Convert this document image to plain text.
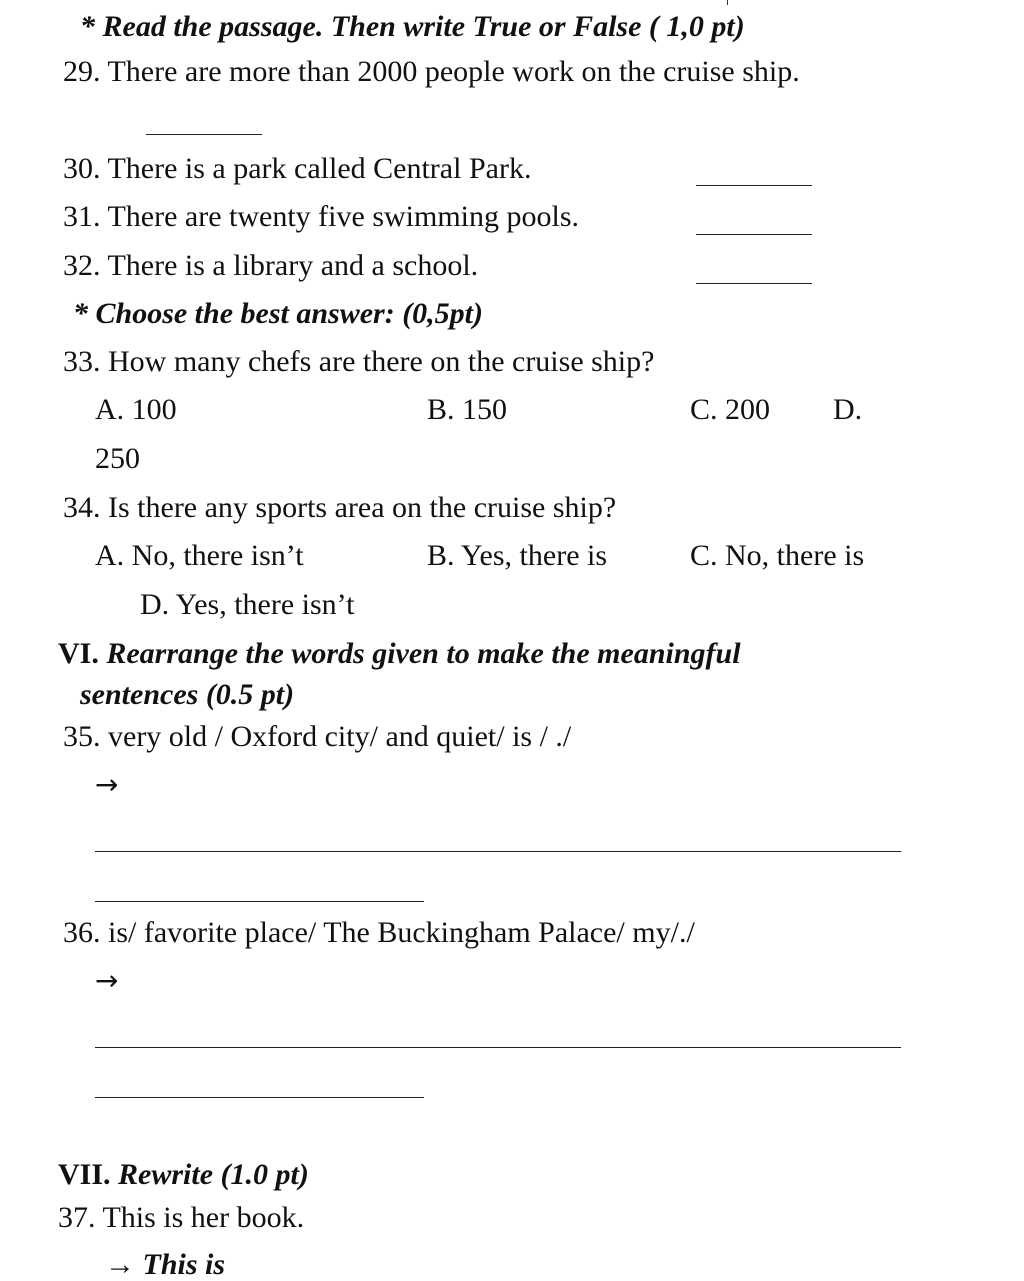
* Read the passage. Then write True or False ( 1,0 pt)
29. There are more than 2000 people work on the cruise ship.
30. There is a park called Central Park.
31. There are twenty five swimming pools.
32. There is a library and a school.
* Choose the best answer: (0,5pt)
33. How many chefs are there on the cruise ship?
A. 100	B. 150	C. 200 D.
250
34. Is there any sports area on the cruise ship?
A. No, there isn’t	B. Yes, there is	C. No, there is
D. Yes, there isn’t
VI. Rearrange the words given to make the meaningful
sentences (0.5 pt)
35. very old / Oxford city/ and quiet/ is / ./
→
36. is/ favorite place/ The Buckingham Palace/ my/./
→
VII. Rewrite (1.0 pt)
37. This is her book.
→ This is
